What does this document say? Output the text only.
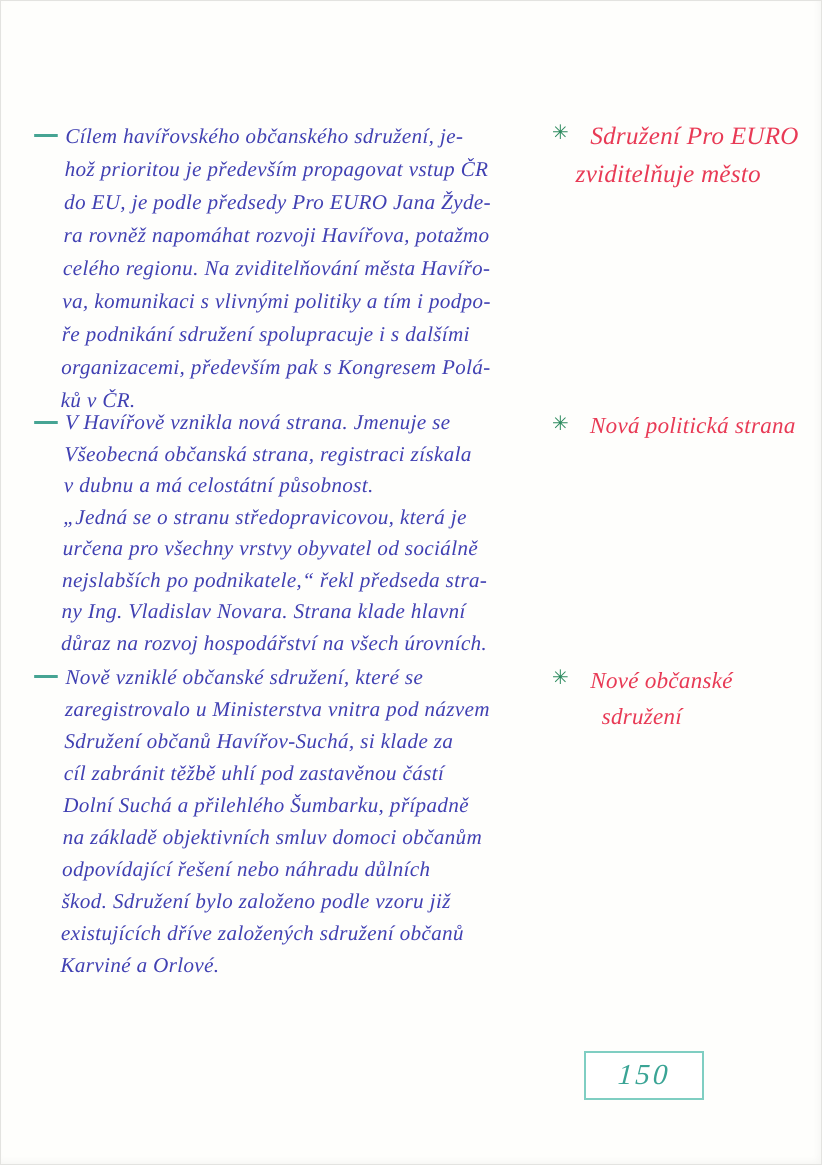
— Cílem havířovského občanského sdružení, je-
hož prioritou je především propagovat vstup ČR
do EU, je podle předsedy Pro EURO Jana Žyde-
ra rovněž napomáhat rozvoji Havířova, potažmo
celého regionu. Na zviditelňování města Havířo-
va, komunikaci s vlivnými politiky a tím i podpo-
ře podnikání sdružení spolupracuje i s dalšími
organizacemi, především pak s Kongresem Polá-
ků v ČR.
✳ Sdružení Pro EURO
zviditelňuje město
— V Havířově vznikla nová strana. Jmenuje se
Všeobecná občanská strana, registraci získala
v dubnu a má celostátní působnost.
„Jedná se o stranu středopravicovou, která je
určena pro všechny vrstvy obyvatel od sociálně
nejslabších po podnikatele,“ řekl předseda stra-
ny Ing. Vladislav Novara. Strana klade hlavní
důraz na rozvoj hospodářství na všech úrovních.
✳ Nová politická strana
— Nově vzniklé občanské sdružení, které se
zaregistrovalo u Ministerstva vnitra pod názvem
Sdružení občanů Havířov-Suchá, si klade za
cíl zabránit těžbě uhlí pod zastavěnou částí
Dolní Suchá a přilehlého Šumbarku, případně
na základě objektivních smluv domoci občanům
odpovídající řešení nebo náhradu důlních
škod. Sdružení bylo založeno podle vzoru již
existujících dříve založených sdružení občanů
Karviné a Orlové.
✳ Nové občanské
sdružení
150
